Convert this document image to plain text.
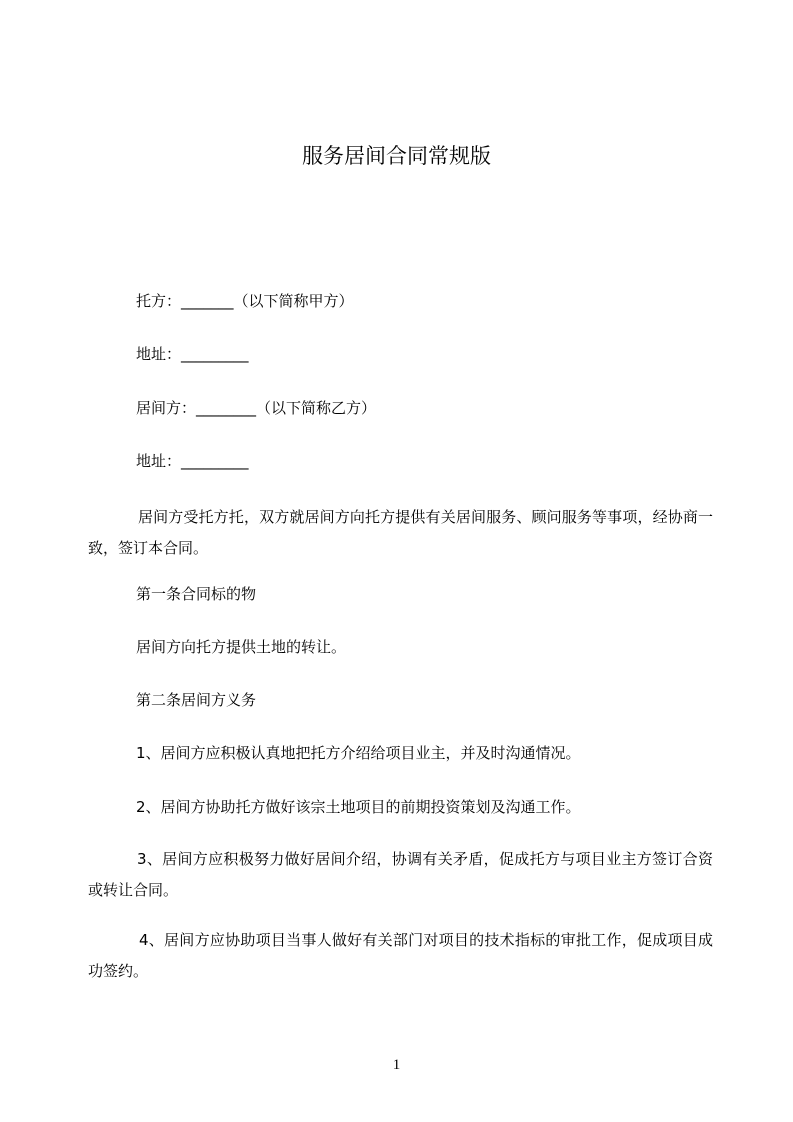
服务居间合同常规版

托方：_______（以下简称甲方）

地址：_________

居间方：________（以下简称乙方）

地址：_________

居间方受托方托，双方就居间方向托方提供有关居间服务、顾问服务等事项，经协商一致，签订本合同。

第一条合同标的物

居间方向托方提供土地的转让。

第二条居间方义务

1、居间方应积极认真地把托方介绍给项目业主，并及时沟通情况。

2、居间方协助托方做好该宗土地项目的前期投资策划及沟通工作。

3、居间方应积极努力做好居间介绍，协调有关矛盾，促成托方与项目业主方签订合资或转让合同。

4、居间方应协助项目当事人做好有关部门对项目的技术指标的审批工作，促成项目成功签约。

1
